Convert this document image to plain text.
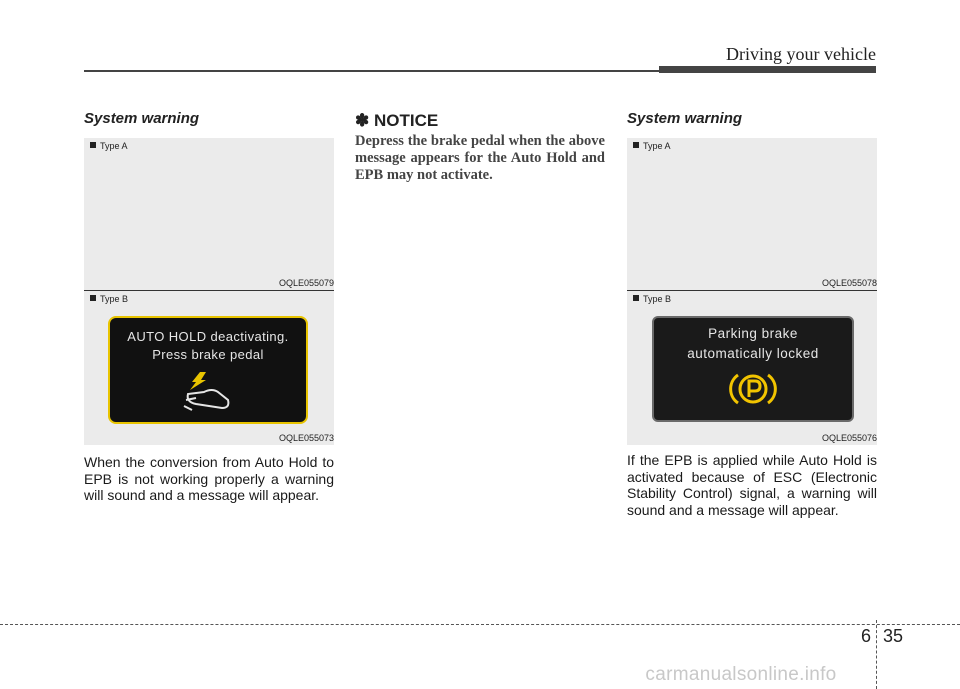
Driving your vehicle
System warning
Type A
OQLE055079
Type B
AUTO HOLD deactivating.
Press brake pedal
OQLE055073
When the conversion from Auto Hold to EPB is not working properly a warning will sound and a message will appear.
✽ NOTICE
Depress the brake pedal when the above message appears for the Auto Hold and EPB may not activate.
System warning
Type A
OQLE055078
Type B
Parking brake
automatically locked
OQLE055076
If the EPB is applied while Auto Hold is activated because of ESC (Electronic Stability Control) signal, a warning will sound and a message will appear.
6 35
carmanualsonline.info
